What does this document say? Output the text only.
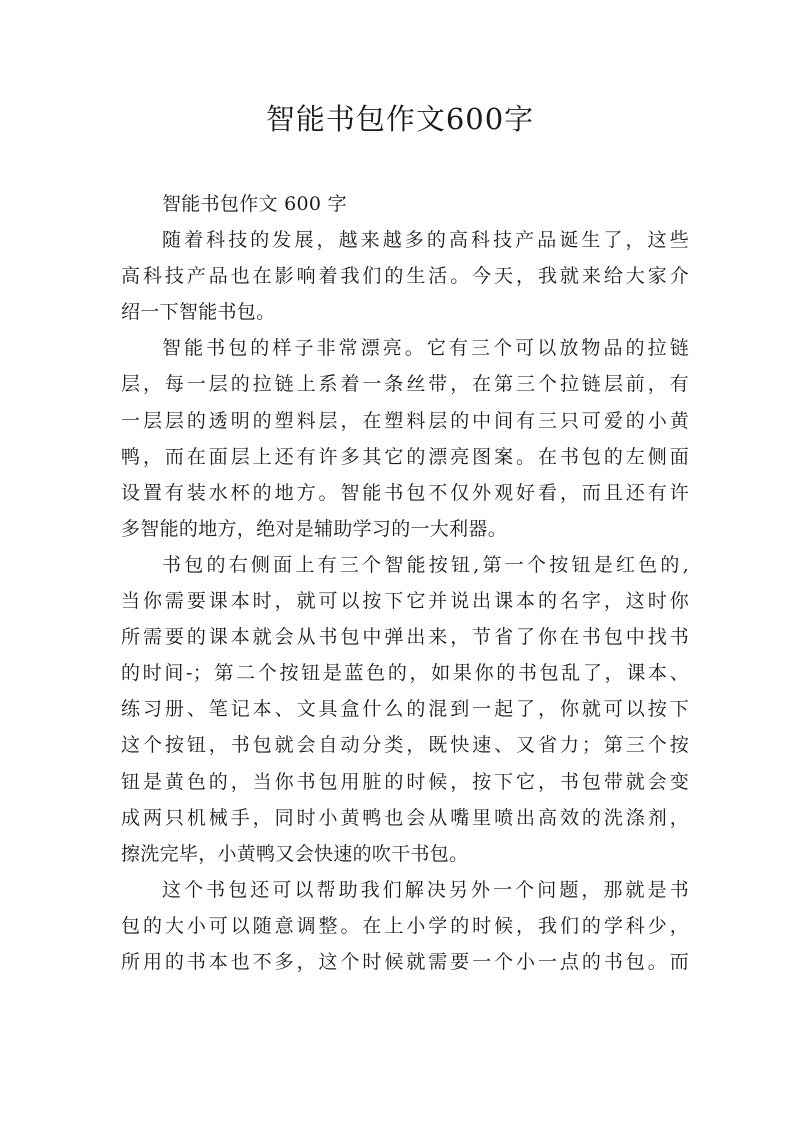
智能书包作文600字
智能书包作文 600 字
随着科技的发展，越来越多的高科技产品诞生了，这些
高科技产品也在影响着我们的生活。今天，我就来给大家介
绍一下智能书包。
智能书包的样子非常漂亮。它有三个可以放物品的拉链
层，每一层的拉链上系着一条丝带，在第三个拉链层前，有
一层层的透明的塑料层，在塑料层的中间有三只可爱的小黄
鸭，而在面层上还有许多其它的漂亮图案。在书包的左侧面
设置有装水杯的地方。智能书包不仅外观好看，而且还有许
多智能的地方，绝对是辅助学习的一大利器。
书包的右侧面上有三个智能按钮,第一个按钮是红色的,
当你需要课本时，就可以按下它并说出课本的名字，这时你
所需要的课本就会从书包中弹出来，节省了你在书包中找书
的时间-；第二个按钮是蓝色的，如果你的书包乱了，课本、
练习册、笔记本、文具盒什么的混到一起了，你就可以按下
这个按钮，书包就会自动分类，既快速、又省力；第三个按
钮是黄色的，当你书包用脏的时候，按下它，书包带就会变
成两只机械手，同时小黄鸭也会从嘴里喷出高效的洗涤剂，
擦洗完毕，小黄鸭又会快速的吹干书包。
这个书包还可以帮助我们解决另外一个问题，那就是书
包的大小可以随意调整。在上小学的时候，我们的学科少，
所用的书本也不多，这个时候就需要一个小一点的书包。而
